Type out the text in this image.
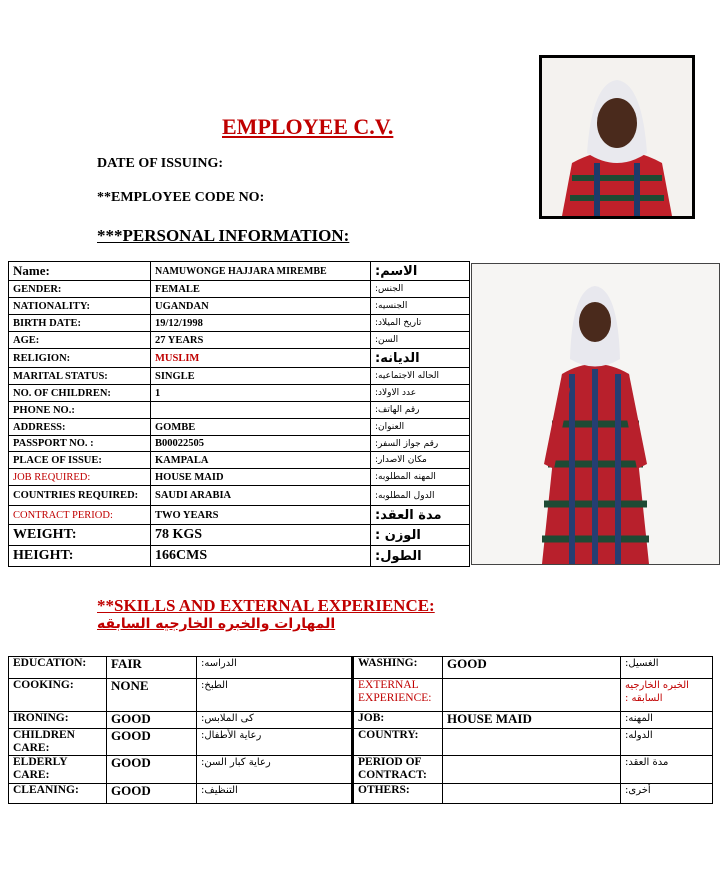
EMPLOYEE C.V.
DATE OF ISSUING:
**EMPLOYEE CODE NO:
***PERSONAL INFORMATION:
Name:	NAMUWONGE HAJJARA MIREMBE	الاسم:
GENDER:	FEMALE	الجنس:
NATIONALITY:	UGANDAN	الجنسيه:
BIRTH DATE:	19/12/1998	تاريخ الميلاد:
AGE:	27 YEARS	السن:
RELIGION:	MUSLIM	الديانه:
MARITAL STATUS:	SINGLE	الحاله الاجتماعيه:
NO. OF CHILDREN:	1	عدد الاولاد:
PHONE NO.:		رقم الهاتف:
ADDRESS:	GOMBE	العنوان:
PASSPORT NO. :	B00022505	رقم جواز السفر:
PLACE OF ISSUE:	KAMPALA	مكان الاصدار:
JOB REQUIRED:	HOUSE MAID	المهنه المطلوبه:
COUNTRIES REQUIRED:	SAUDI ARABIA	الدول المطلوبه:
CONTRACT PERIOD:	TWO YEARS	مدة العقد:
WEIGHT:	78 KGS	الوزن :
HEIGHT:	166CMS	الطول:
**SKILLS AND EXTERNAL EXPERIENCE:
المهارات والخبره الخارجيه السابقه
EDUCATION:	FAIR	الدراسه:	WASHING:	GOOD	الغسيل:
COOKING:	NONE	الطبخ:	EXTERNAL EXPERIENCE:		الخبره الخارجيه السابقه :
IRONING:	GOOD	كى الملابس:	JOB:	HOUSE MAID	المهنه:
CHILDREN CARE:	GOOD	رعاية الأطفال:	COUNTRY:		الدوله:
ELDERLY CARE:	GOOD	رعاية كبار السن:	PERIOD OF CONTRACT:		مدة العقد:
CLEANING:	GOOD	التنظيف:	OTHERS:		أخرى:
